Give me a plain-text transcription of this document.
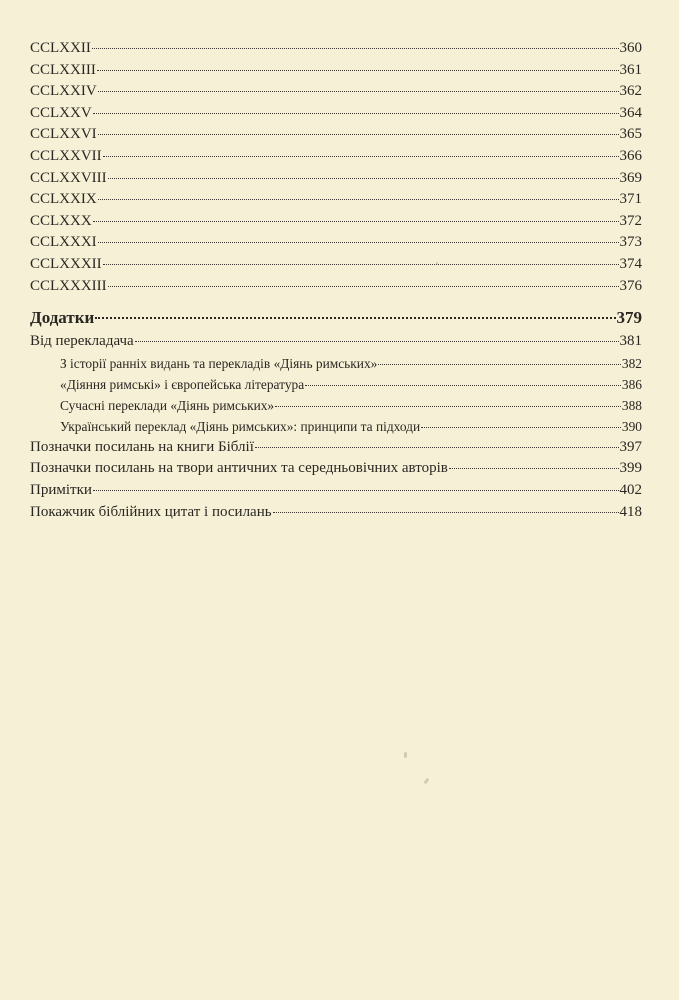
CCLXXII	360
CCLXXIII	361
CCLXXIV	362
CCLXXV	364
CCLXXVI	365
CCLXXVII	366
CCLXXVIII	369
CCLXXIX	371
CCLXXX	372
CCLXXXI	373
CCLXXXII	374
CCLXXXIII	376
Додатки	379
Від перекладача	381
З історії ранніх видань та перекладів «Діянь римських»	382
«Діяння римські» і європейська література	386
Сучасні переклади «Діянь римських»	388
Український переклад «Діянь римських»: принципи та підходи	390
Позначки посилань на книги Біблії	397
Позначки посилань на твори античних та середньовічних авторів	399
Примітки	402
Покажчик біблійних цитат і посилань	418
